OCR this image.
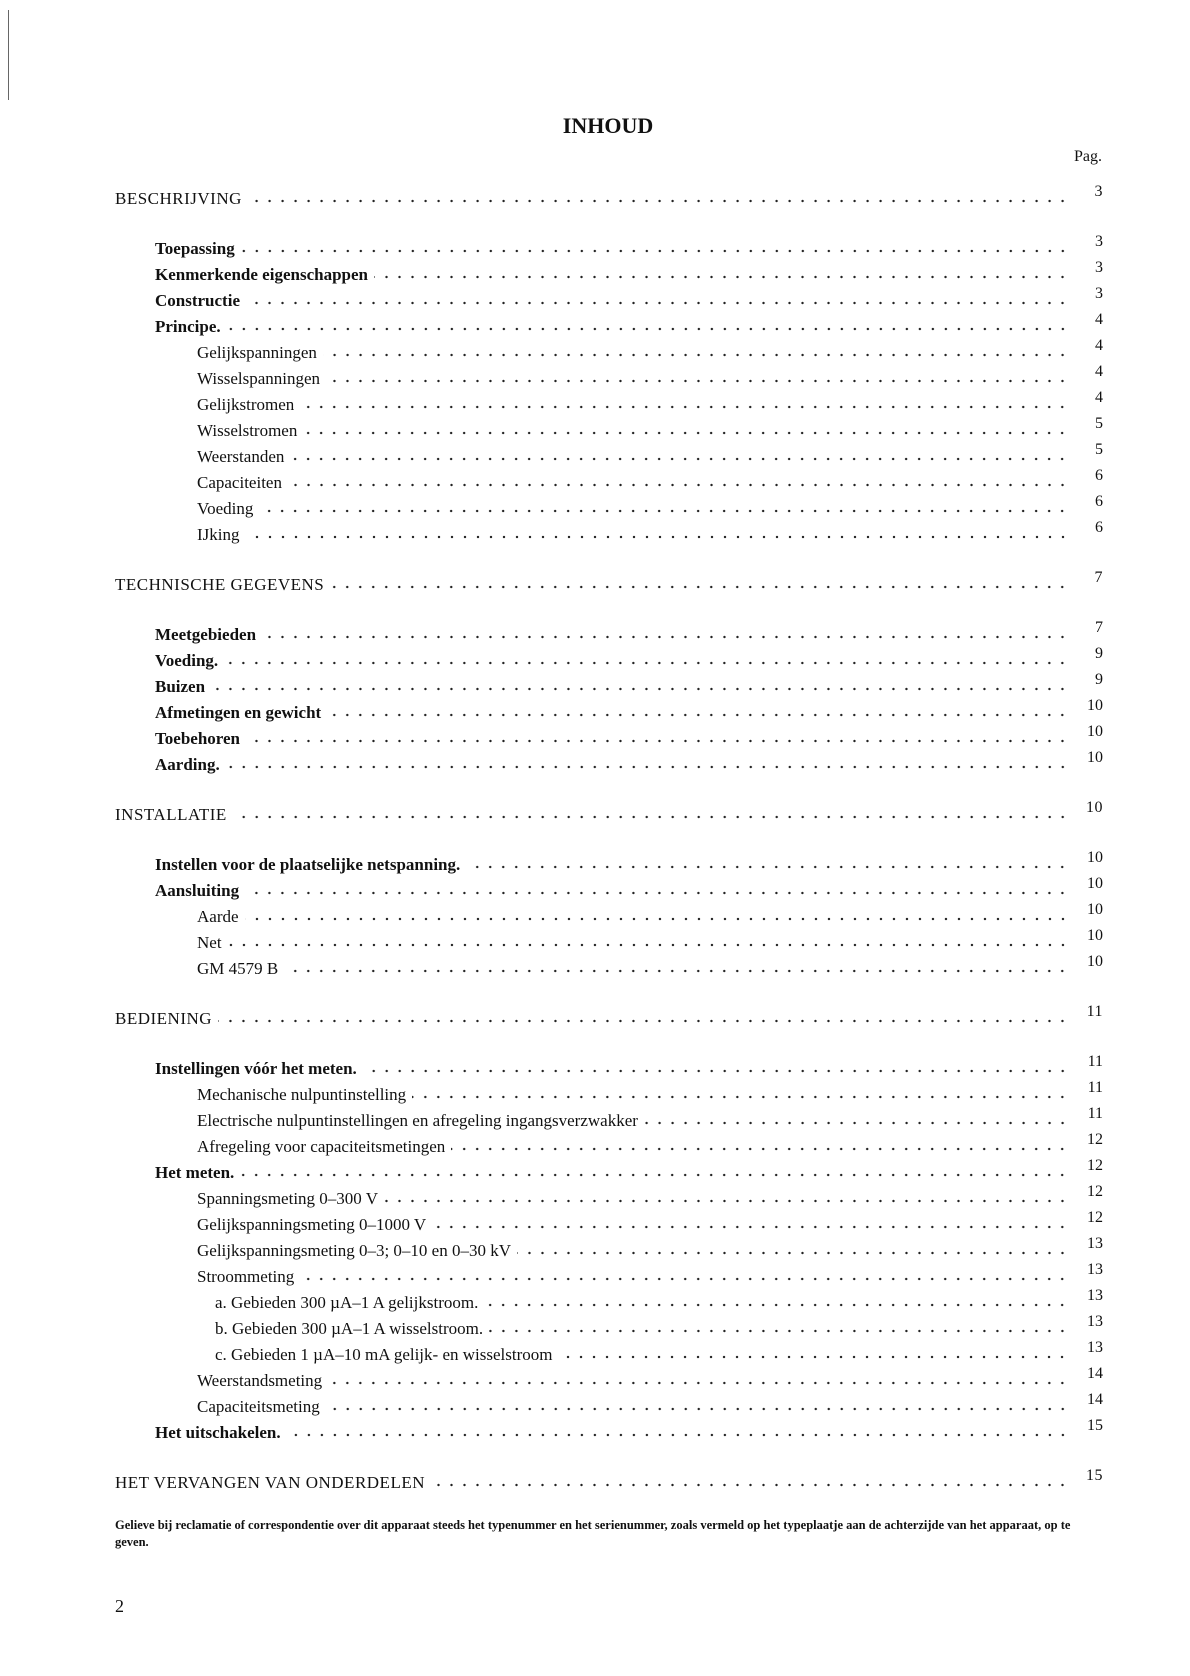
INHOUD
Pag.
BESCHRIJVING	3
Toepassing	3
Kenmerkende eigenschappen	3
Constructie	3
Principe.	4
Gelijkspanningen	4
Wisselspanningen	4
Gelijkstromen	4
Wisselstromen	5
Weerstanden	5
Capaciteiten	6
Voeding	6
IJking	6
TECHNISCHE GEGEVENS	7
Meetgebieden	7
Voeding.	9
Buizen	9
Afmetingen en gewicht	10
Toebehoren	10
Aarding.	10
INSTALLATIE	10
Instellen voor de plaatselijke netspanning.	10
Aansluiting	10
Aarde	10
Net	10
GM 4579 B	10
BEDIENING	11
Instellingen vóór het meten.	11
Mechanische nulpuntinstelling	11
Electrische nulpuntinstellingen en afregeling ingangsverzwakker	11
Afregeling voor capaciteitsmetingen	12
Het meten.	12
Spanningsmeting 0–300 V	12
Gelijkspanningsmeting 0–1000 V	12
Gelijkspanningsmeting 0–3; 0–10 en 0–30 kV	13
Stroommeting	13
a. Gebieden 300 µA–1 A gelijkstroom.	13
b. Gebieden 300 µA–1 A wisselstroom.	13
c. Gebieden 1 µA–10 mA gelijk- en wisselstroom	13
Weerstandsmeting	14
Capaciteitsmeting	14
Het uitschakelen.	15
HET VERVANGEN VAN ONDERDELEN	15
Gelieve bij reclamatie of correspondentie over dit apparaat steeds het typenummer en het serienummer, zoals vermeld op het typeplaatje aan de achterzijde van het apparaat, op te geven.
2
